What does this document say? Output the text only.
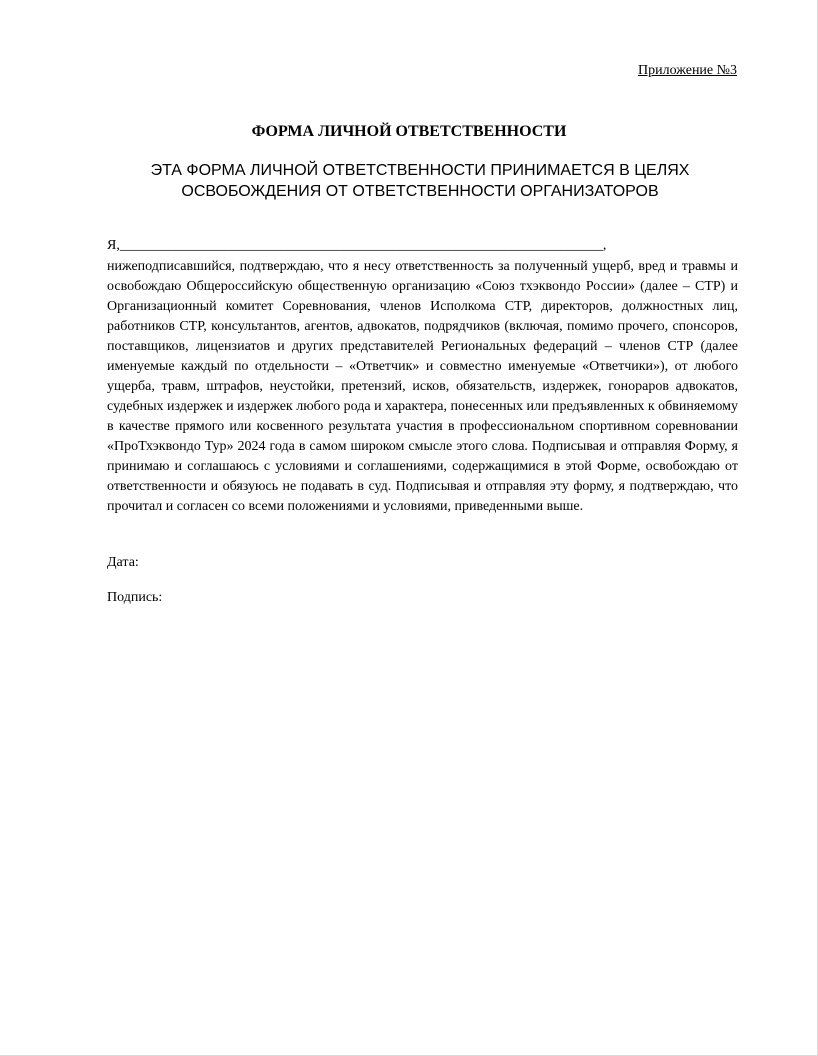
Приложение №3
ФОРМА ЛИЧНОЙ ОТВЕТСТВЕННОСТИ
ЭТА ФОРМА ЛИЧНОЙ ОТВЕТСТВЕННОСТИ ПРИНИМАЕТСЯ В ЦЕЛЯХ ОСВОБОЖДЕНИЯ ОТ ОТВЕТСТВЕННОСТИ ОРГАНИЗАТОРОВ
Я,_____________________________________________________________________,
нижеподписавшийся, подтверждаю, что я несу ответственность за полученный ущерб, вред и травмы и освобождаю Общероссийскую общественную организацию «Союз тхэквондо России» (далее – СТР) и Организационный комитет Соревнования, членов Исполкома СТР, директоров, должностных лиц, работников СТР, консультантов, агентов, адвокатов, подрядчиков (включая, помимо прочего, спонсоров, поставщиков, лицензиатов и других представителей Региональных федераций – членов СТР (далее именуемые каждый по отдельности – «Ответчик» и совместно именуемые «Ответчики»), от любого ущерба, травм, штрафов, неустойки, претензий, исков, обязательств, издержек, гонораров адвокатов, судебных издержек и издержек любого рода и характера, понесенных или предъявленных к обвиняемому в качестве прямого или косвенного результата участия в профессиональном спортивном соревновании «ПроТхэквондо Тур» 2024 года в самом широком смысле этого слова. Подписывая и отправляя Форму, я принимаю и соглашаюсь с условиями и соглашениями, содержащимися в этой Форме, освобождаю от ответственности и обязуюсь не подавать в суд. Подписывая и отправляя эту форму, я подтверждаю, что прочитал и согласен со всеми положениями и условиями, приведенными выше.
Дата:
Подпись:
